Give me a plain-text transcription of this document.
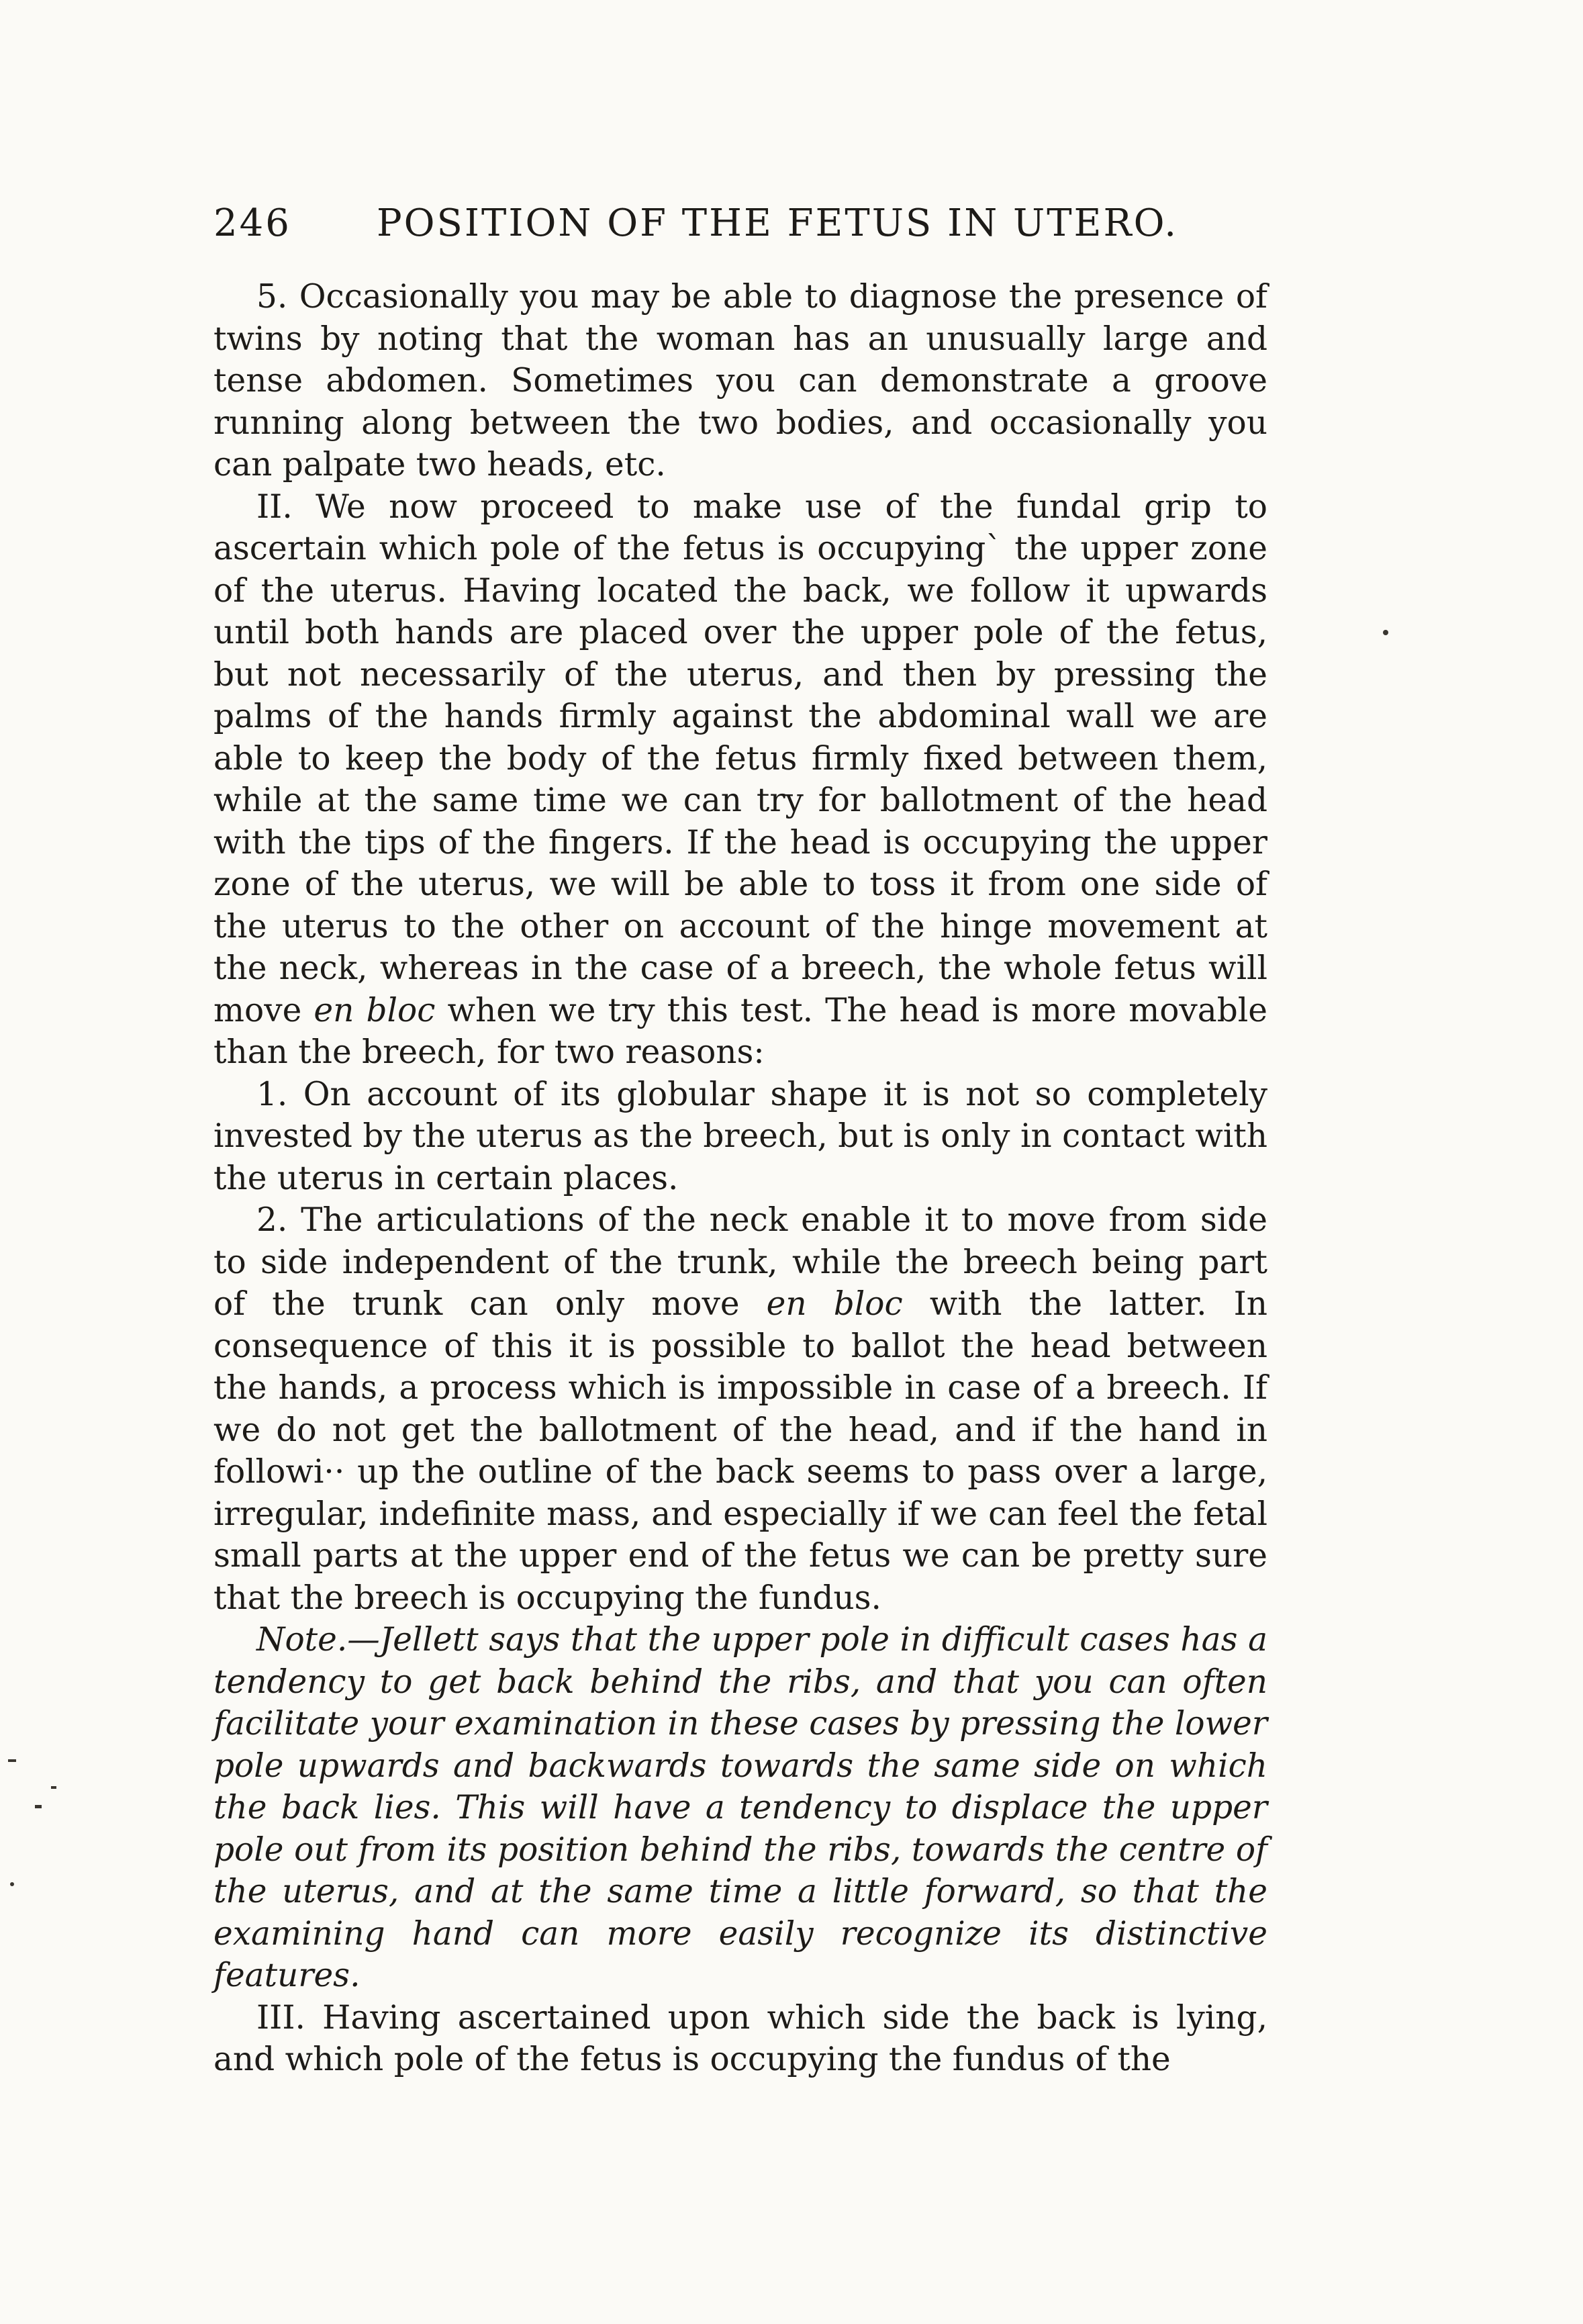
246	POSITION OF THE FETUS IN UTERO.

5. Occasionally you may be able to diagnose the presence of twins by noting that the woman has an unusually large and tense abdomen. Sometimes you can demonstrate a groove running along between the two bodies, and occasionally you can palpate two heads, etc.

II. We now proceed to make use of the fundal grip to ascertain which pole of the fetus is occupying` the upper zone of the uterus. Having located the back, we follow it upwards until both hands are placed over the upper pole of the fetus, but not necessarily of the uterus, and then by pressing the palms of the hands firmly against the abdominal wall we are able to keep the body of the fetus firmly fixed between them, while at the same time we can try for ballotment of the head with the tips of the fingers. If the head is occupying the upper zone of the uterus, we will be able to toss it from one side of the uterus to the other on account of the hinge movement at the neck, whereas in the case of a breech, the whole fetus will move en bloc when we try this test. The head is more movable than the breech, for two reasons:

1. On account of its globular shape it is not so completely invested by the uterus as the breech, but is only in contact with the uterus in certain places.

2. The articulations of the neck enable it to move from side to side independent of the trunk, while the breech being part of the trunk can only move en bloc with the latter. In consequence of this it is possible to ballot the head between the hands, a process which is impossible in case of a breech. If we do not get the ballotment of the head, and if the hand in followi·· up the outline of the back seems to pass over a large, irregular, indefinite mass, and especially if we can feel the fetal small parts at the upper end of the fetus we can be pretty sure that the breech is occupying the fundus.

Note.—Jellett says that the upper pole in difficult cases has a tendency to get back behind the ribs, and that you can often facilitate your examination in these cases by pressing the lower pole upwards and backwards towards the same side on which the back lies. This will have a tendency to displace the upper pole out from its position behind the ribs, towards the centre of the uterus, and at the same time a little forward, so that the examining hand can more easily recognize its distinctive features.

III. Having ascertained upon which side the back is lying, and which pole of the fetus is occupying the fundus of the
